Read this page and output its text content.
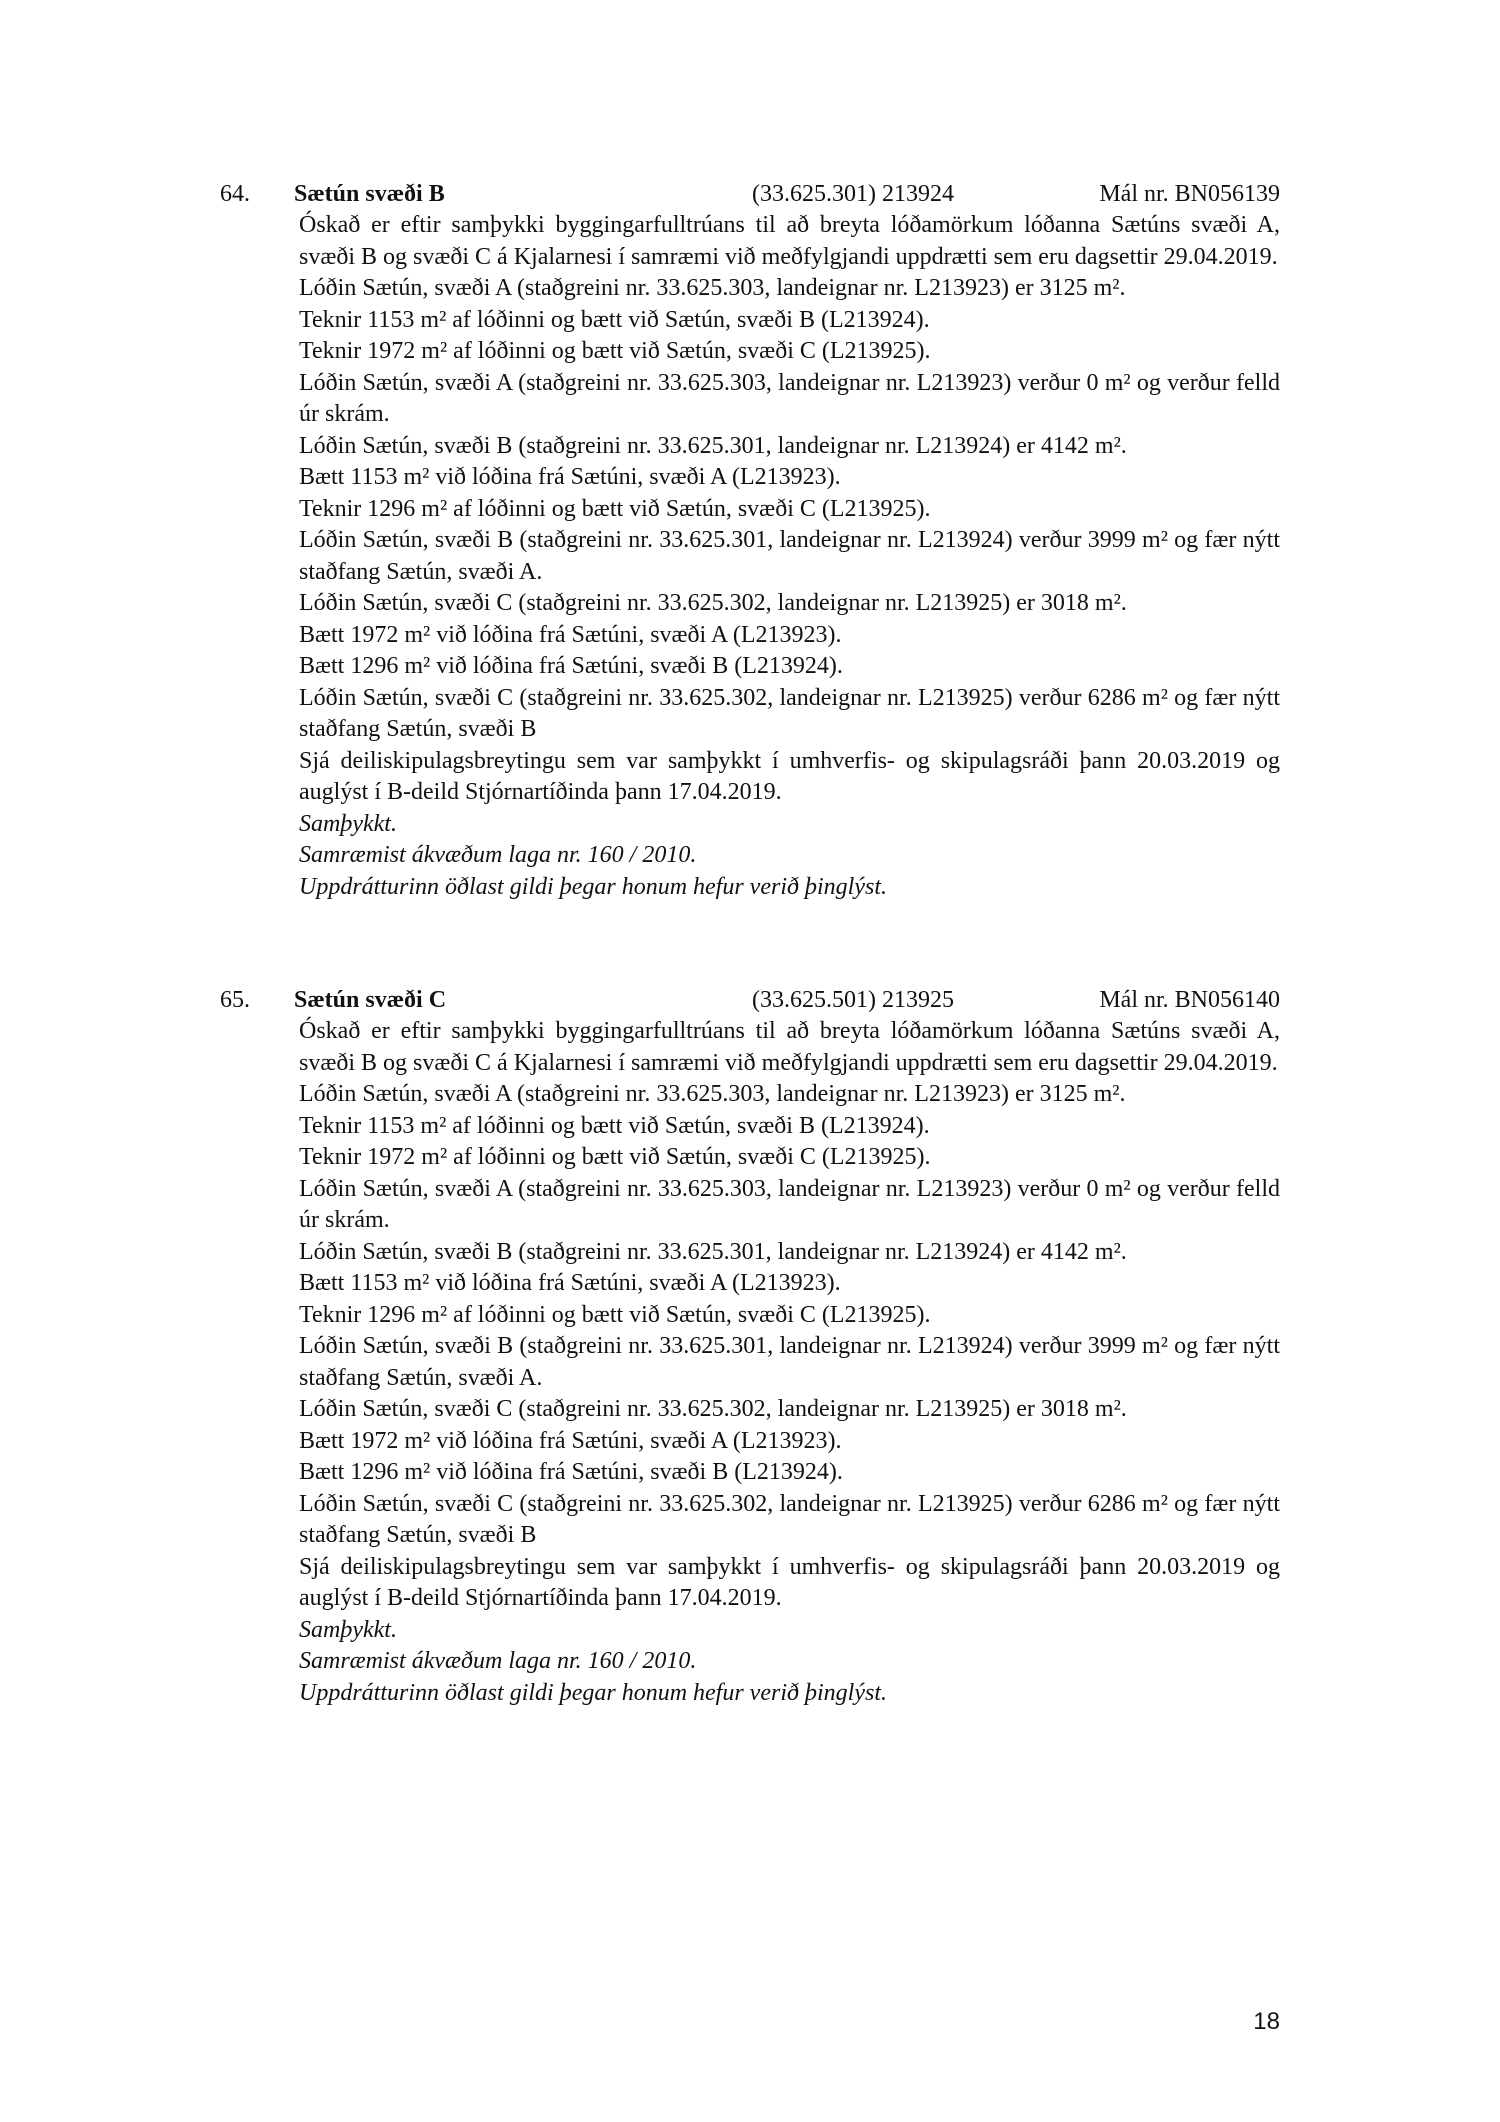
64. Sætún svæði B	(33.625.301) 213924	Mál nr. BN056139
Óskað er eftir samþykki byggingarfulltrúans til að breyta lóðamörkum lóðanna Sætúns svæði A, svæði B og svæði C á Kjalarnesi í samræmi við meðfylgjandi uppdrætti sem eru dagsettir 29.04.2019.
Lóðin Sætún, svæði A (staðgreini nr. 33.625.303, landeignar nr. L213923) er 3125 m².
Teknir 1153 m² af lóðinni og bætt við Sætún, svæði B (L213924).
Teknir 1972 m² af lóðinni og bætt við Sætún, svæði C (L213925).
Lóðin Sætún, svæði A (staðgreini nr. 33.625.303, landeignar nr. L213923) verður 0 m² og verður felld úr skrám.
Lóðin Sætún, svæði B (staðgreini nr. 33.625.301, landeignar nr. L213924) er 4142 m².
Bætt 1153 m² við lóðina frá Sætúni, svæði A (L213923).
Teknir 1296 m² af lóðinni og bætt við Sætún, svæði C (L213925).
Lóðin Sætún, svæði B (staðgreini nr. 33.625.301, landeignar nr. L213924) verður 3999 m² og fær nýtt staðfang Sætún, svæði A.
Lóðin Sætún, svæði C (staðgreini nr. 33.625.302, landeignar nr. L213925) er 3018 m².
Bætt 1972 m² við lóðina frá Sætúni, svæði A (L213923).
Bætt 1296 m² við lóðina frá Sætúni, svæði B (L213924).
Lóðin Sætún, svæði C (staðgreini nr. 33.625.302, landeignar nr. L213925) verður 6286 m² og fær nýtt staðfang Sætún, svæði B
Sjá deiliskipulagsbreytingu sem var samþykkt í umhverfis- og skipulagsráði þann 20.03.2019 og auglýst í B-deild Stjórnartíðinda þann 17.04.2019.
Samþykkt.
Samræmist ákvæðum laga nr. 160 / 2010.
Uppdrátturinn öðlast gildi þegar honum hefur verið þinglýst.
65. Sætún svæði C	(33.625.501) 213925	Mál nr. BN056140
Óskað er eftir samþykki byggingarfulltrúans til að breyta lóðamörkum lóðanna Sætúns svæði A, svæði B og svæði C á Kjalarnesi í samræmi við meðfylgjandi uppdrætti sem eru dagsettir 29.04.2019.
Lóðin Sætún, svæði A (staðgreini nr. 33.625.303, landeignar nr. L213923) er 3125 m².
Teknir 1153 m² af lóðinni og bætt við Sætún, svæði B (L213924).
Teknir 1972 m² af lóðinni og bætt við Sætún, svæði C (L213925).
Lóðin Sætún, svæði A (staðgreini nr. 33.625.303, landeignar nr. L213923) verður 0 m² og verður felld úr skrám.
Lóðin Sætún, svæði B (staðgreini nr. 33.625.301, landeignar nr. L213924) er 4142 m².
Bætt 1153 m² við lóðina frá Sætúni, svæði A (L213923).
Teknir 1296 m² af lóðinni og bætt við Sætún, svæði C (L213925).
Lóðin Sætún, svæði B (staðgreini nr. 33.625.301, landeignar nr. L213924) verður 3999 m² og fær nýtt staðfang Sætún, svæði A.
Lóðin Sætún, svæði C (staðgreini nr. 33.625.302, landeignar nr. L213925) er 3018 m².
Bætt 1972 m² við lóðina frá Sætúni, svæði A (L213923).
Bætt 1296 m² við lóðina frá Sætúni, svæði B (L213924).
Lóðin Sætún, svæði C (staðgreini nr. 33.625.302, landeignar nr. L213925) verður 6286 m² og fær nýtt staðfang Sætún, svæði B
Sjá deiliskipulagsbreytingu sem var samþykkt í umhverfis- og skipulagsráði þann 20.03.2019 og auglýst í B-deild Stjórnartíðinda þann 17.04.2019.
Samþykkt.
Samræmist ákvæðum laga nr. 160 / 2010.
Uppdrátturinn öðlast gildi þegar honum hefur verið þinglýst.
18
